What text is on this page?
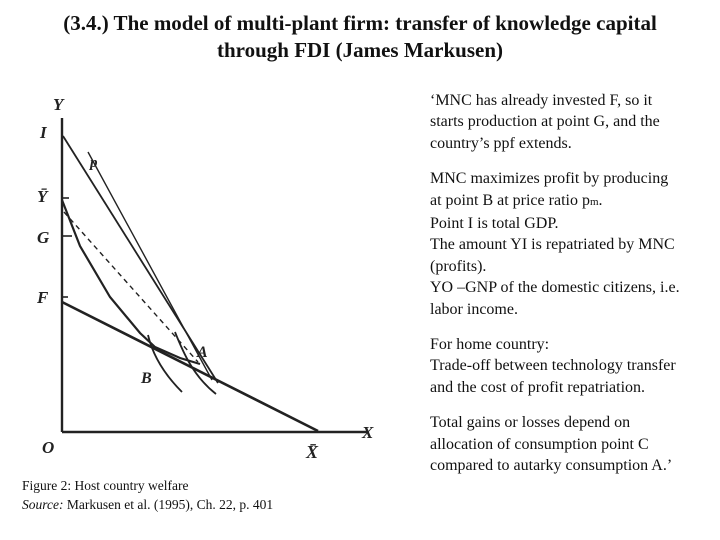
(3.4.) The model of multi-plant firm: transfer of knowledge capital
through FDI (James Markusen)
Y
I
p
Ȳ
G
F
A
B
O	X̄
X
‘MNC has already invested F, so it
starts production at point G, and the
country’s ppf extends.
MNC maximizes profit by producing
at point B at price ratio pm.
Point I is total GDP.
The amount YI is repatriated by MNC
(profits).
YO –GNP of the domestic citizens, i.e.
labor income.
For home country:
Trade-off between technology transfer
and the cost of profit repatriation.
Total gains or losses depend on
allocation of consumption point C
compared to autarky consumption A.’
Figure 2: Host country welfare
Source: Markusen et al. (1995), Ch. 22, p. 401
